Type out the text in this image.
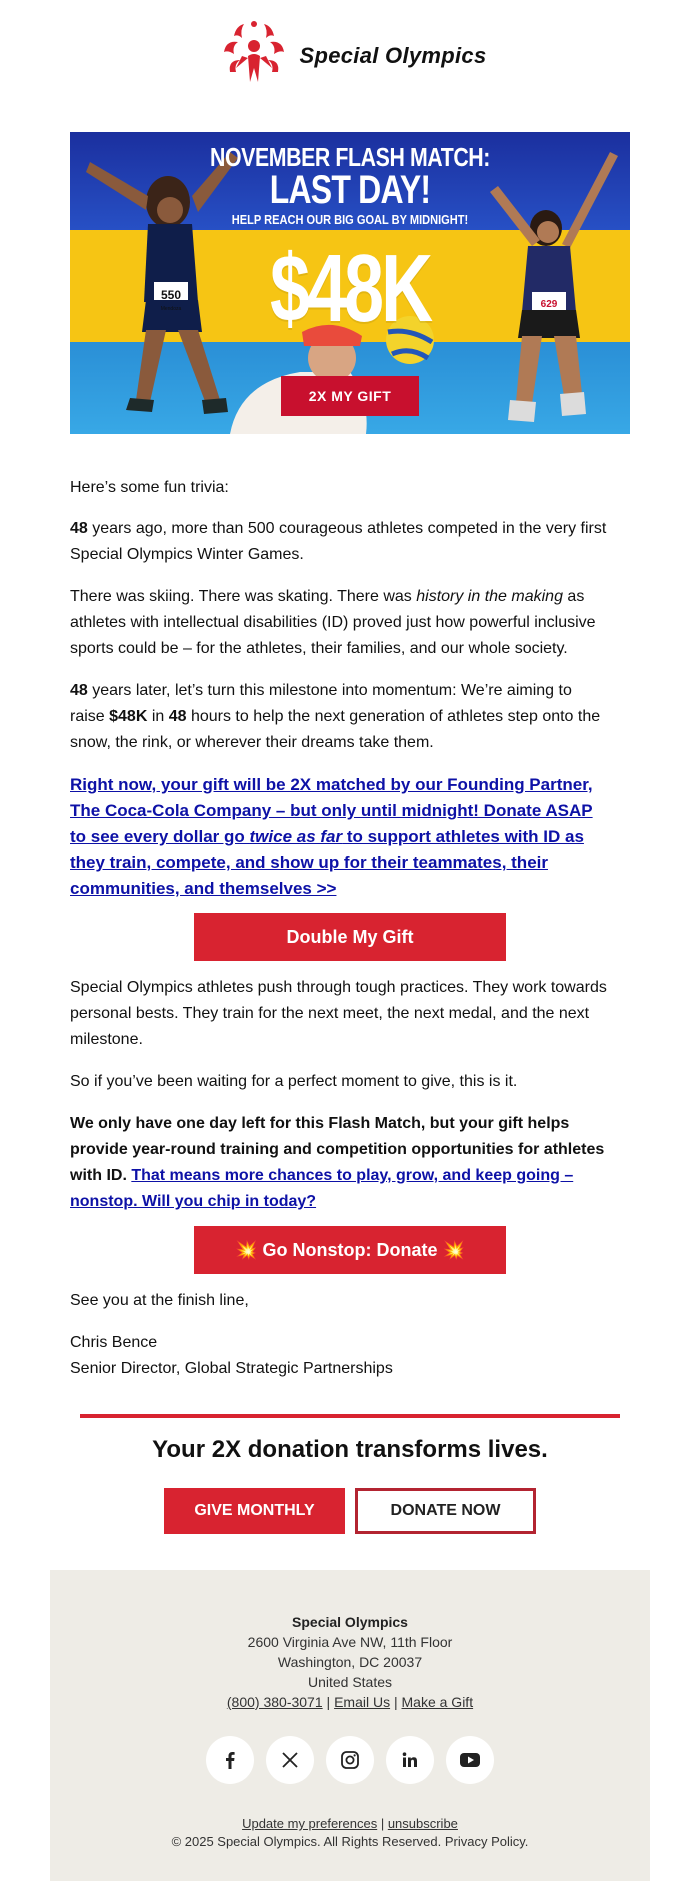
Special Olympics
550
Mendoza	629
NOVEMBER FLASH MATCH:
LAST DAY!
HELP REACH OUR BIG GOAL BY MIDNIGHT!
$48K
2X MY GIFT

Here’s some fun trivia:

48 years ago, more than 500 courageous athletes competed in the very first Special Olympics Winter Games.

There was skiing. There was skating. There was history in the making as athletes with intellectual disabilities (ID) proved just how powerful inclusive sports could be – for the athletes, their families, and our whole society.

48 years later, let’s turn this milestone into momentum: We’re aiming to raise $48K in 48 hours to help the next generation of athletes step onto the snow, the rink, or wherever their dreams take them.

Right now, your gift will be 2X matched by our Founding Partner, The Coca-Cola Company – but only until midnight! Donate ASAP to see every dollar go twice as far to support athletes with ID as they train, compete, and show up for their teammates, their communities, and themselves >>

Double My Gift

Special Olympics athletes push through tough practices. They work towards personal bests. They train for the next meet, the next medal, and the next milestone.

So if you’ve been waiting for a perfect moment to give, this is it.

We only have one day left for this Flash Match, but your gift helps provide year-round training and competition opportunities for athletes with ID. That means more chances to play, grow, and keep going – nonstop. Will you chip in today?

💥 Go Nonstop: Donate 💥

See you at the finish line,

Chris Bence

Senior Director, Global Strategic Partnerships

Your 2X donation transforms lives.
GIVE MONTHLY	DONATE NOW
Special Olympics
2600 Virginia Ave NW, 11th Floor
Washington, DC 20037
United States
(800) 380-3071 | Email Us | Make a Gift
Update my preferences | unsubscribe
© 2025 Special Olympics. All Rights Reserved. Privacy Policy.
